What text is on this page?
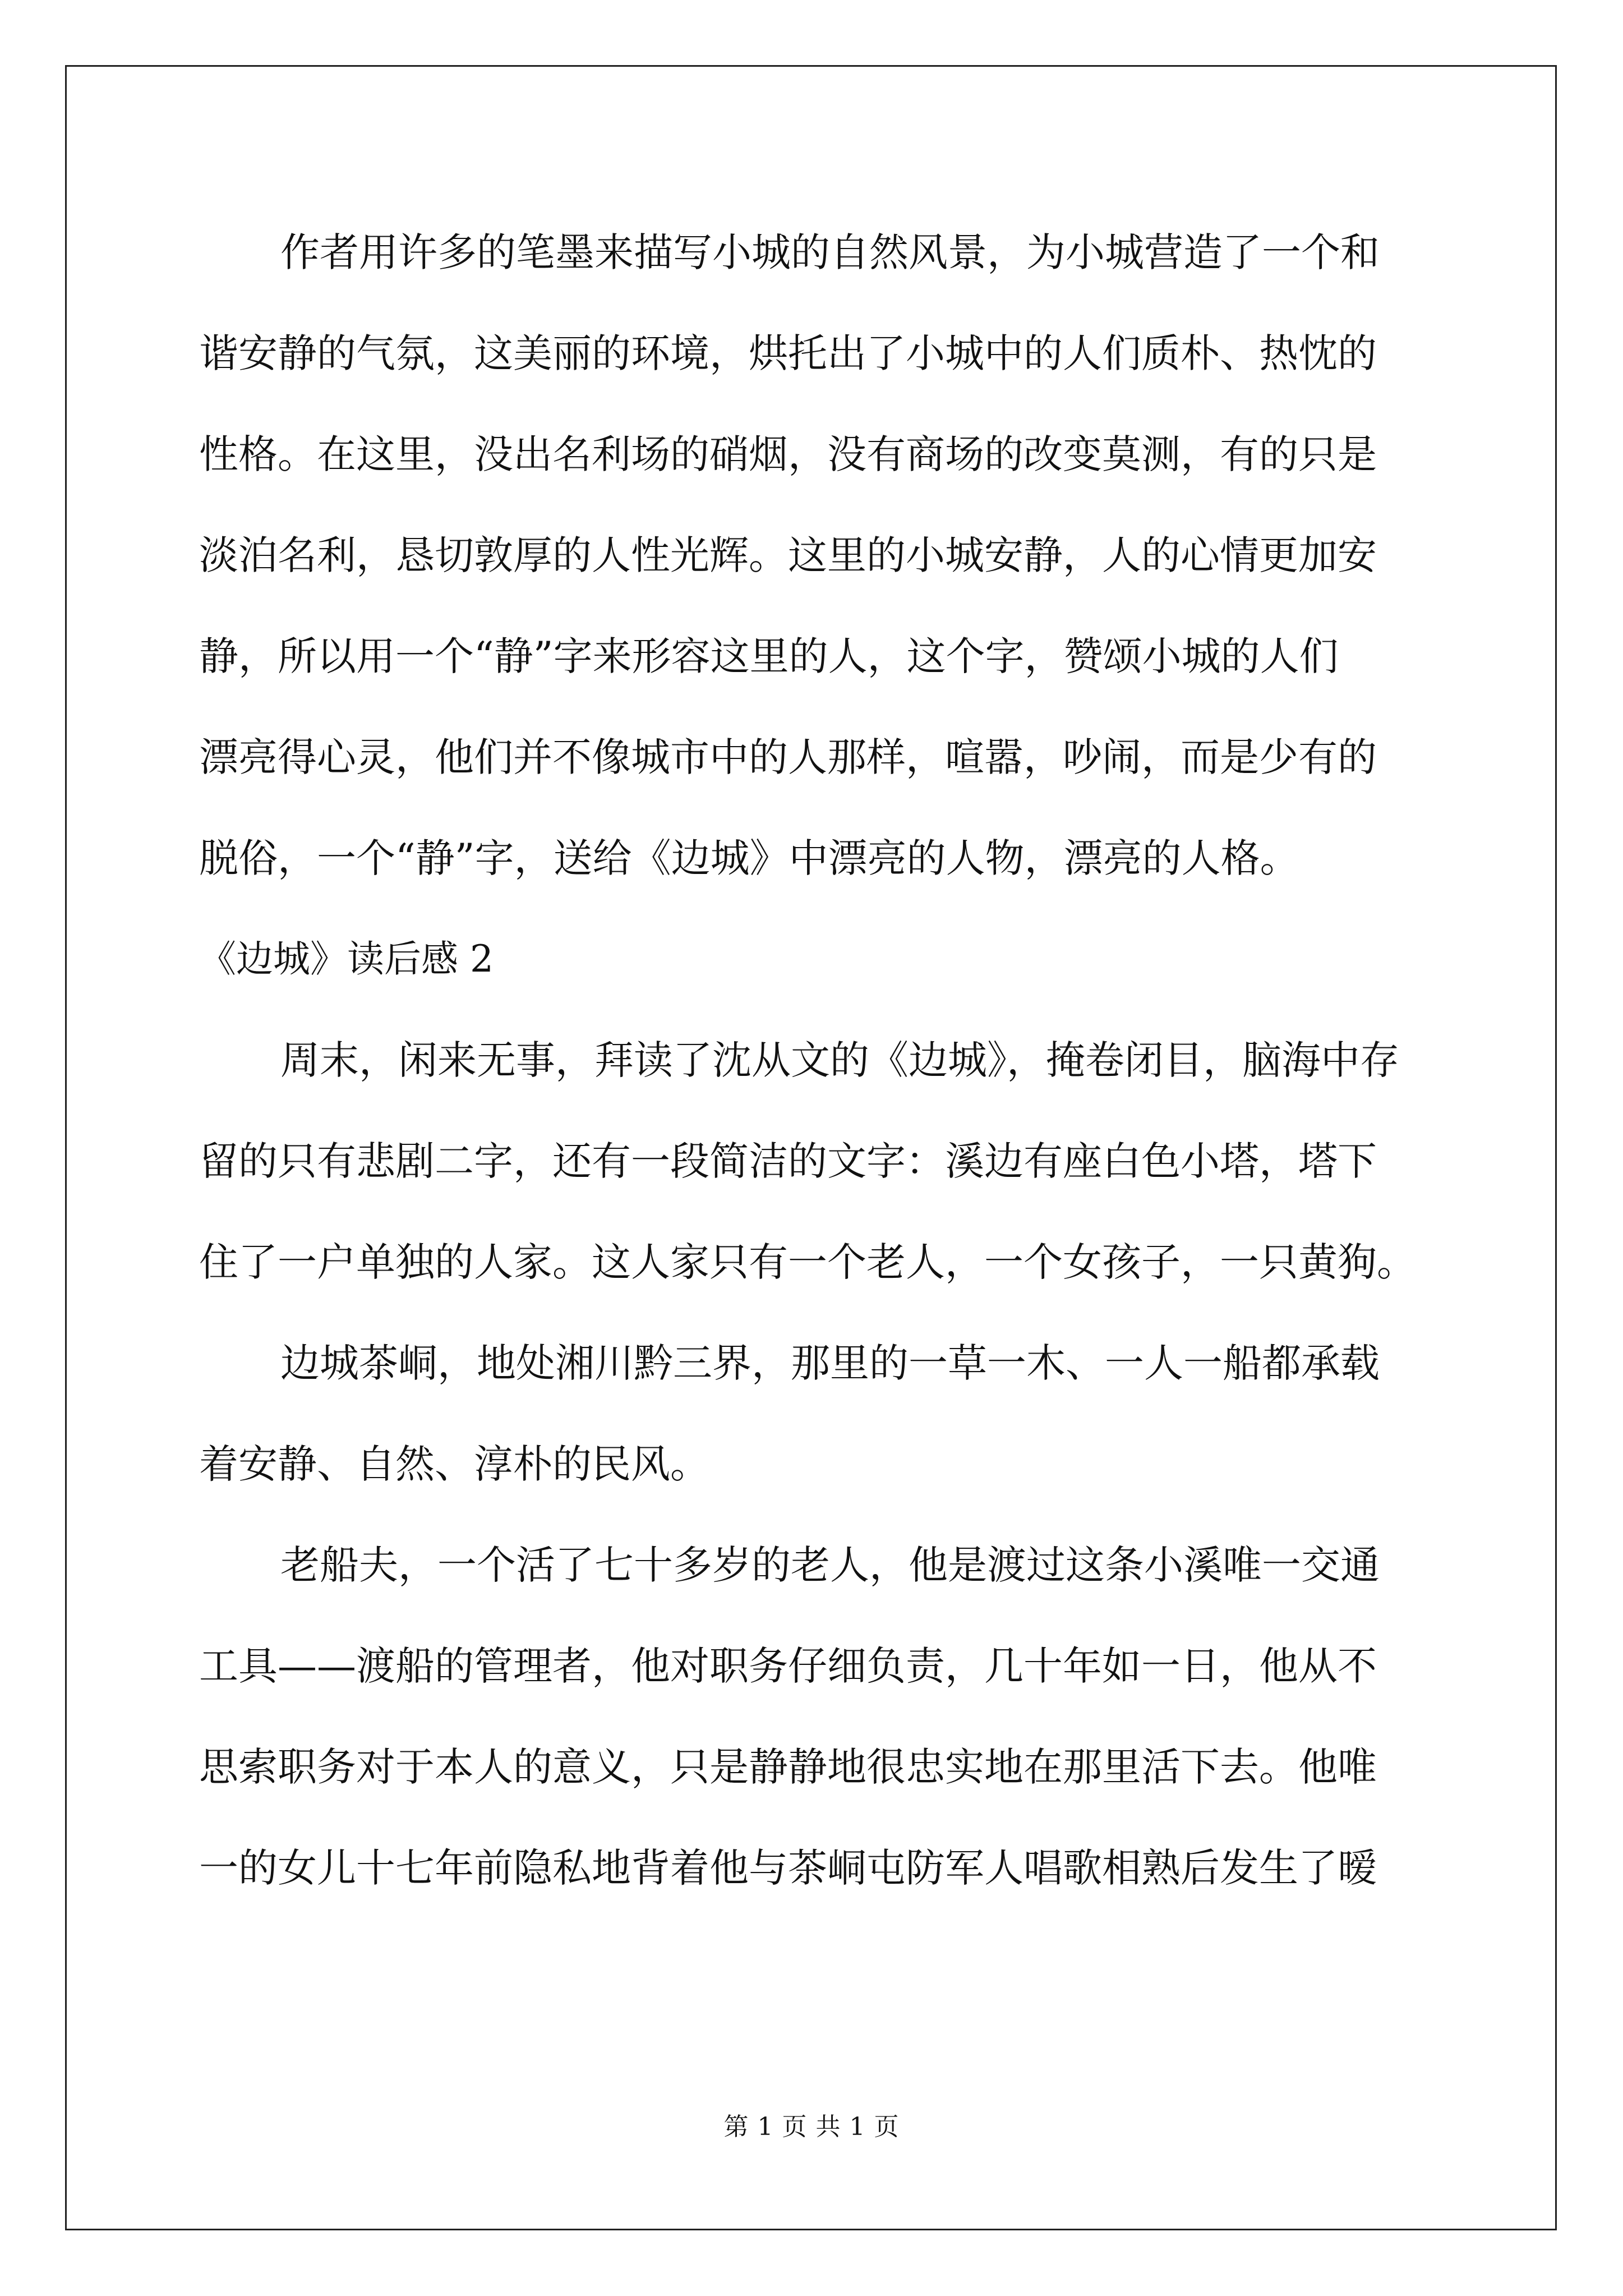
作者用许多的笔墨来描写小城的自然风景，为小城营造了一个和
谐安静的气氛，这美丽的环境，烘托出了小城中的人们质朴、热忱的
性格。在这里，没出名利场的硝烟，没有商场的改变莫测，有的只是
淡泊名利，恳切敦厚的人性光辉。这里的小城安静，人的心情更加安
静，所以用一个“静”字来形容这里的人，这个字，赞颂小城的人们
漂亮得心灵，他们并不像城市中的人那样，喧嚣，吵闹，而是少有的
脱俗，一个“静”字，送给《边城》中漂亮的人物，漂亮的人格。
《边城》读后感 2
周末，闲来无事，拜读了沈从文的《边城》，掩卷闭目，脑海中存
留的只有悲剧二字，还有一段简洁的文字：溪边有座白色小塔，塔下
住了一户单独的人家。这人家只有一个老人，一个女孩子，一只黄狗。
边城茶峒，地处湘川黔三界，那里的一草一木、一人一船都承载
着安静、自然、淳朴的民风。
老船夫，一个活了七十多岁的老人，他是渡过这条小溪唯一交通
工具——渡船的管理者，他对职务仔细负责，几十年如一日，他从不
思索职务对于本人的意义，只是静静地很忠实地在那里活下去。他唯
一的女儿十七年前隐私地背着他与茶峒屯防军人唱歌相熟后发生了暧
第 1 页 共 1 页
